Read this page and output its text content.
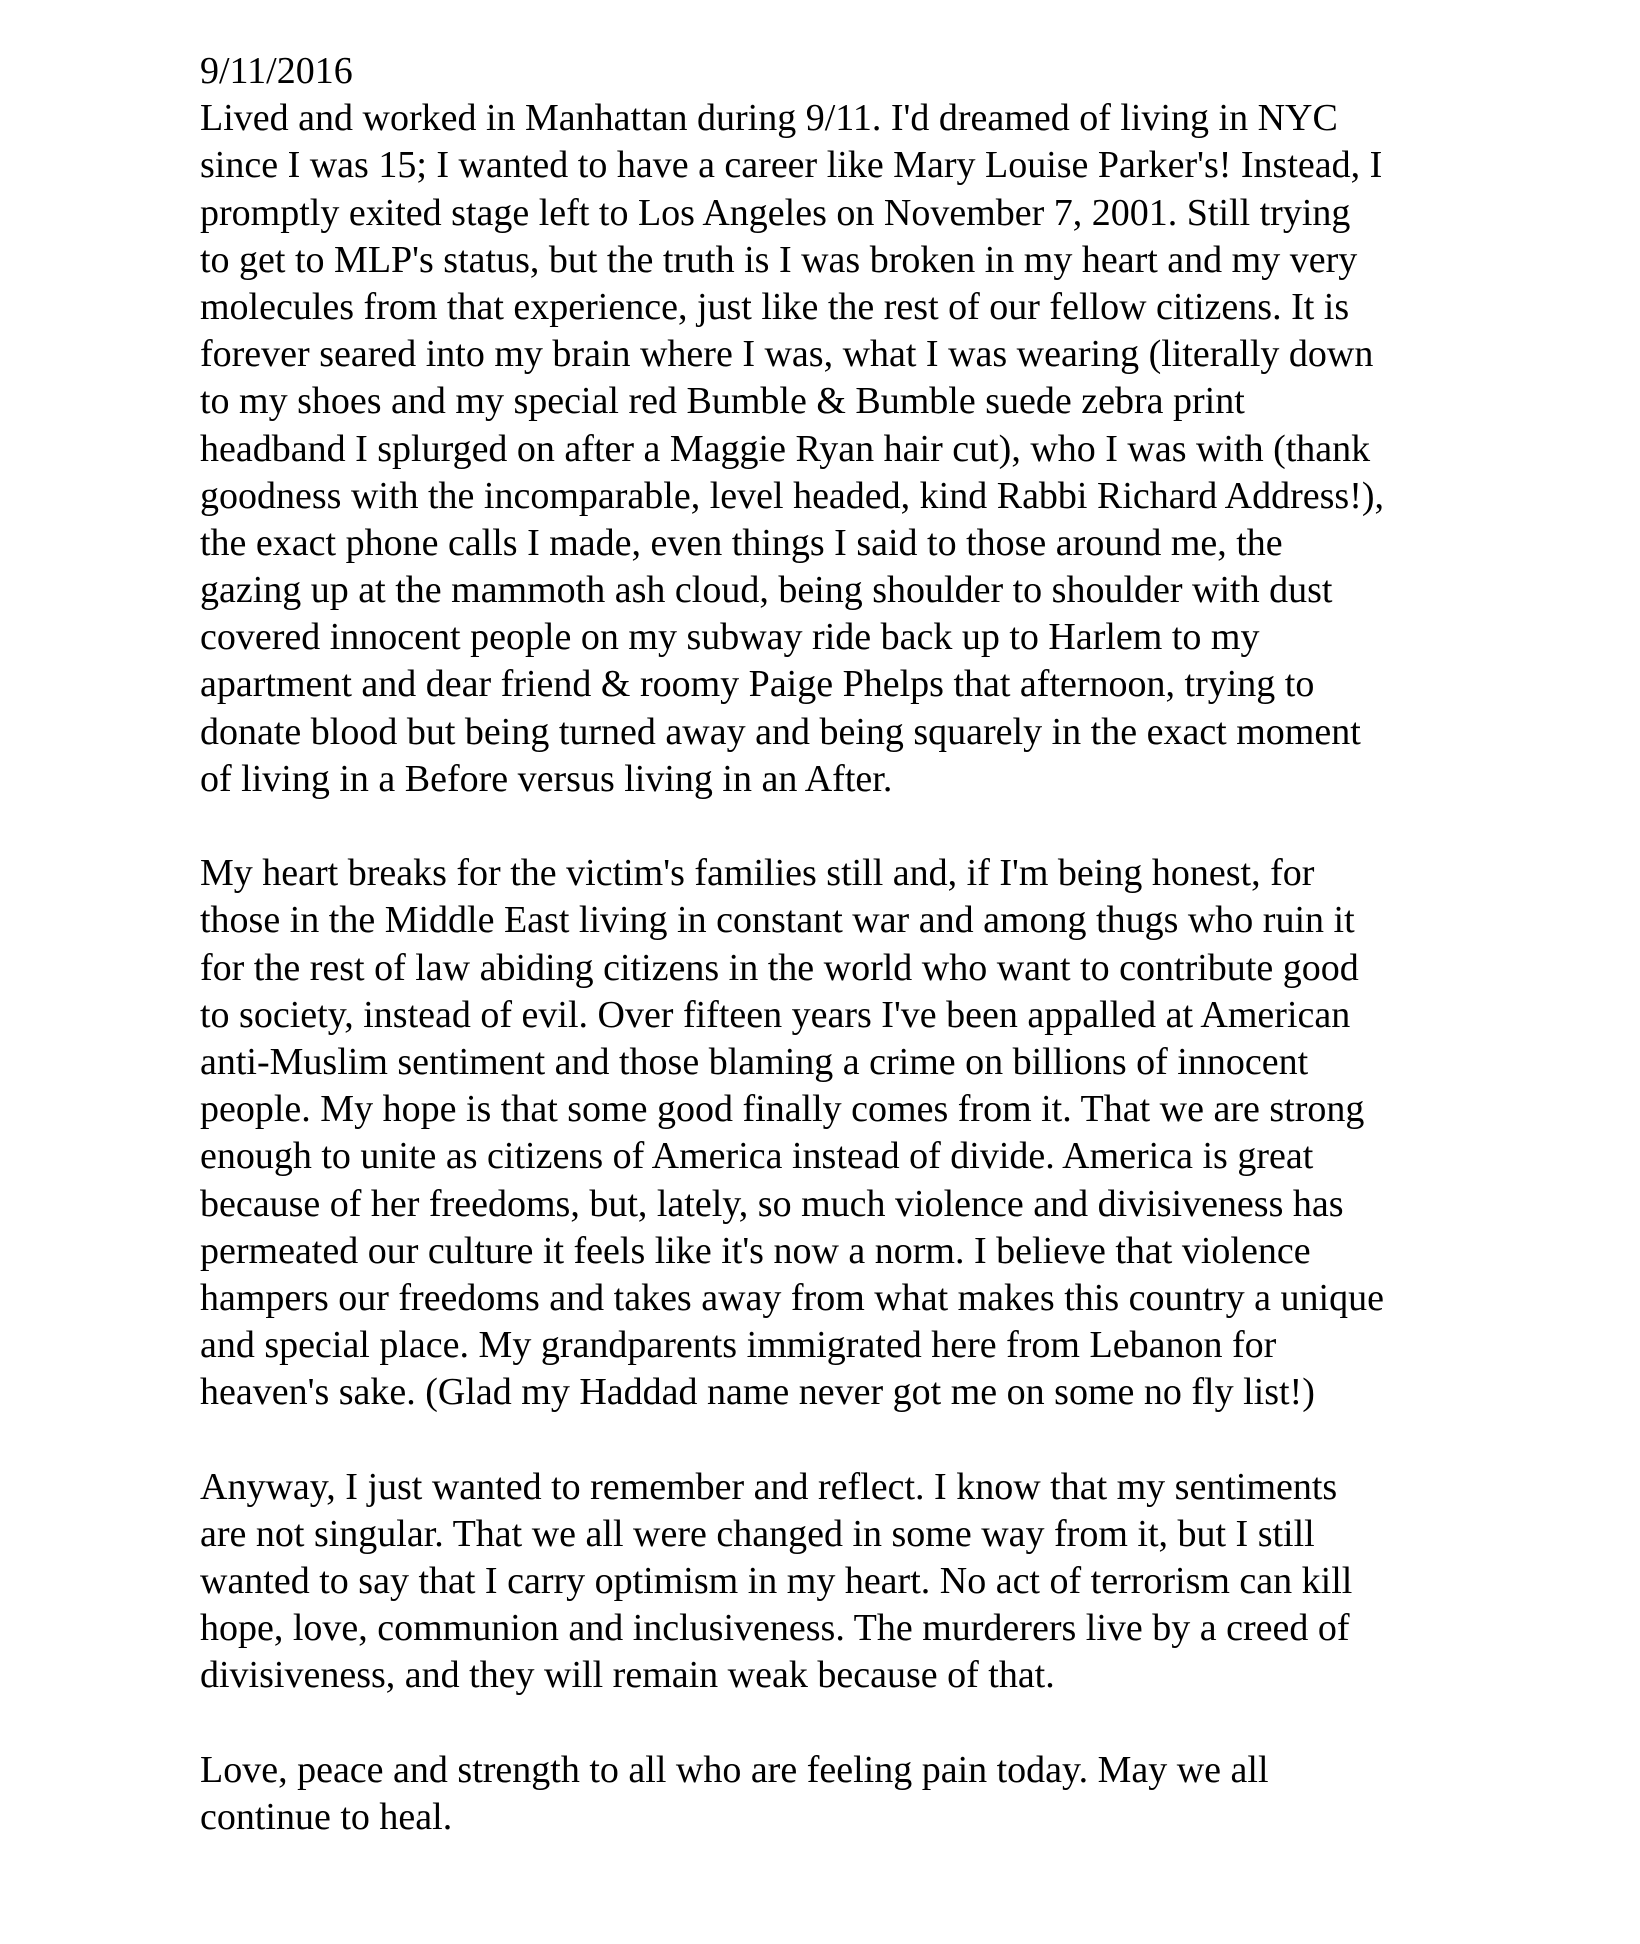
9/11/2016
Lived and worked in Manhattan during 9/11. I'd dreamed of living in NYC
since I was 15; I wanted to have a career like Mary Louise Parker's! Instead, I
promptly exited stage left to Los Angeles on November 7, 2001. Still trying
to get to MLP's status, but the truth is I was broken in my heart and my very
molecules from that experience, just like the rest of our fellow citizens. It is
forever seared into my brain where I was, what I was wearing (literally down
to my shoes and my special red Bumble & Bumble suede zebra print
headband I splurged on after a Maggie Ryan hair cut), who I was with (thank
goodness with the incomparable, level headed, kind Rabbi Richard Address!),
the exact phone calls I made, even things I said to those around me, the
gazing up at the mammoth ash cloud, being shoulder to shoulder with dust
covered innocent people on my subway ride back up to Harlem to my
apartment and dear friend & roomy Paige Phelps that afternoon, trying to
donate blood but being turned away and being squarely in the exact moment
of living in a Before versus living in an After.
My heart breaks for the victim's families still and, if I'm being honest, for
those in the Middle East living in constant war and among thugs who ruin it
for the rest of law abiding citizens in the world who want to contribute good
to society, instead of evil. Over fifteen years I've been appalled at American
anti-Muslim sentiment and those blaming a crime on billions of innocent
people. My hope is that some good finally comes from it. That we are strong
enough to unite as citizens of America instead of divide. America is great
because of her freedoms, but, lately, so much violence and divisiveness has
permeated our culture it feels like it's now a norm. I believe that violence
hampers our freedoms and takes away from what makes this country a unique
and special place. My grandparents immigrated here from Lebanon for
heaven's sake. (Glad my Haddad name never got me on some no fly list!)
Anyway, I just wanted to remember and reflect. I know that my sentiments
are not singular. That we all were changed in some way from it, but I still
wanted to say that I carry optimism in my heart. No act of terrorism can kill
hope, love, communion and inclusiveness. The murderers live by a creed of
divisiveness, and they will remain weak because of that.
Love, peace and strength to all who are feeling pain today. May we all
continue to heal.
